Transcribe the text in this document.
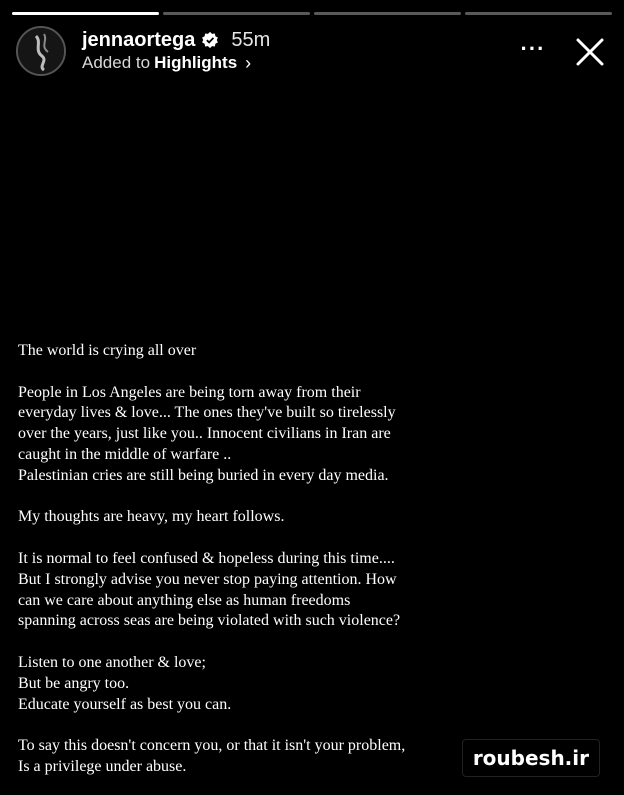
jennaortega 55m
Added to Highlights ›
···

The world is crying all over

People in Los Angeles are being torn away from their
everyday lives & love... The ones they've built so tirelessly
over the years, just like you.. Innocent civilians in Iran are
caught in the middle of warfare ..
Palestinian cries are still being buried in every day media.

My thoughts are heavy, my heart follows.

It is normal to feel confused & hopeless during this time....
But I strongly advise you never stop paying attention. How
can we care about anything else as human freedoms
spanning across seas are being violated with such violence?

Listen to one another & love;
But be angry too.
Educate yourself as best you can.

To say this doesn't concern you, or that it isn't your problem,
Is a privilege under abuse.	roubesh.ir
